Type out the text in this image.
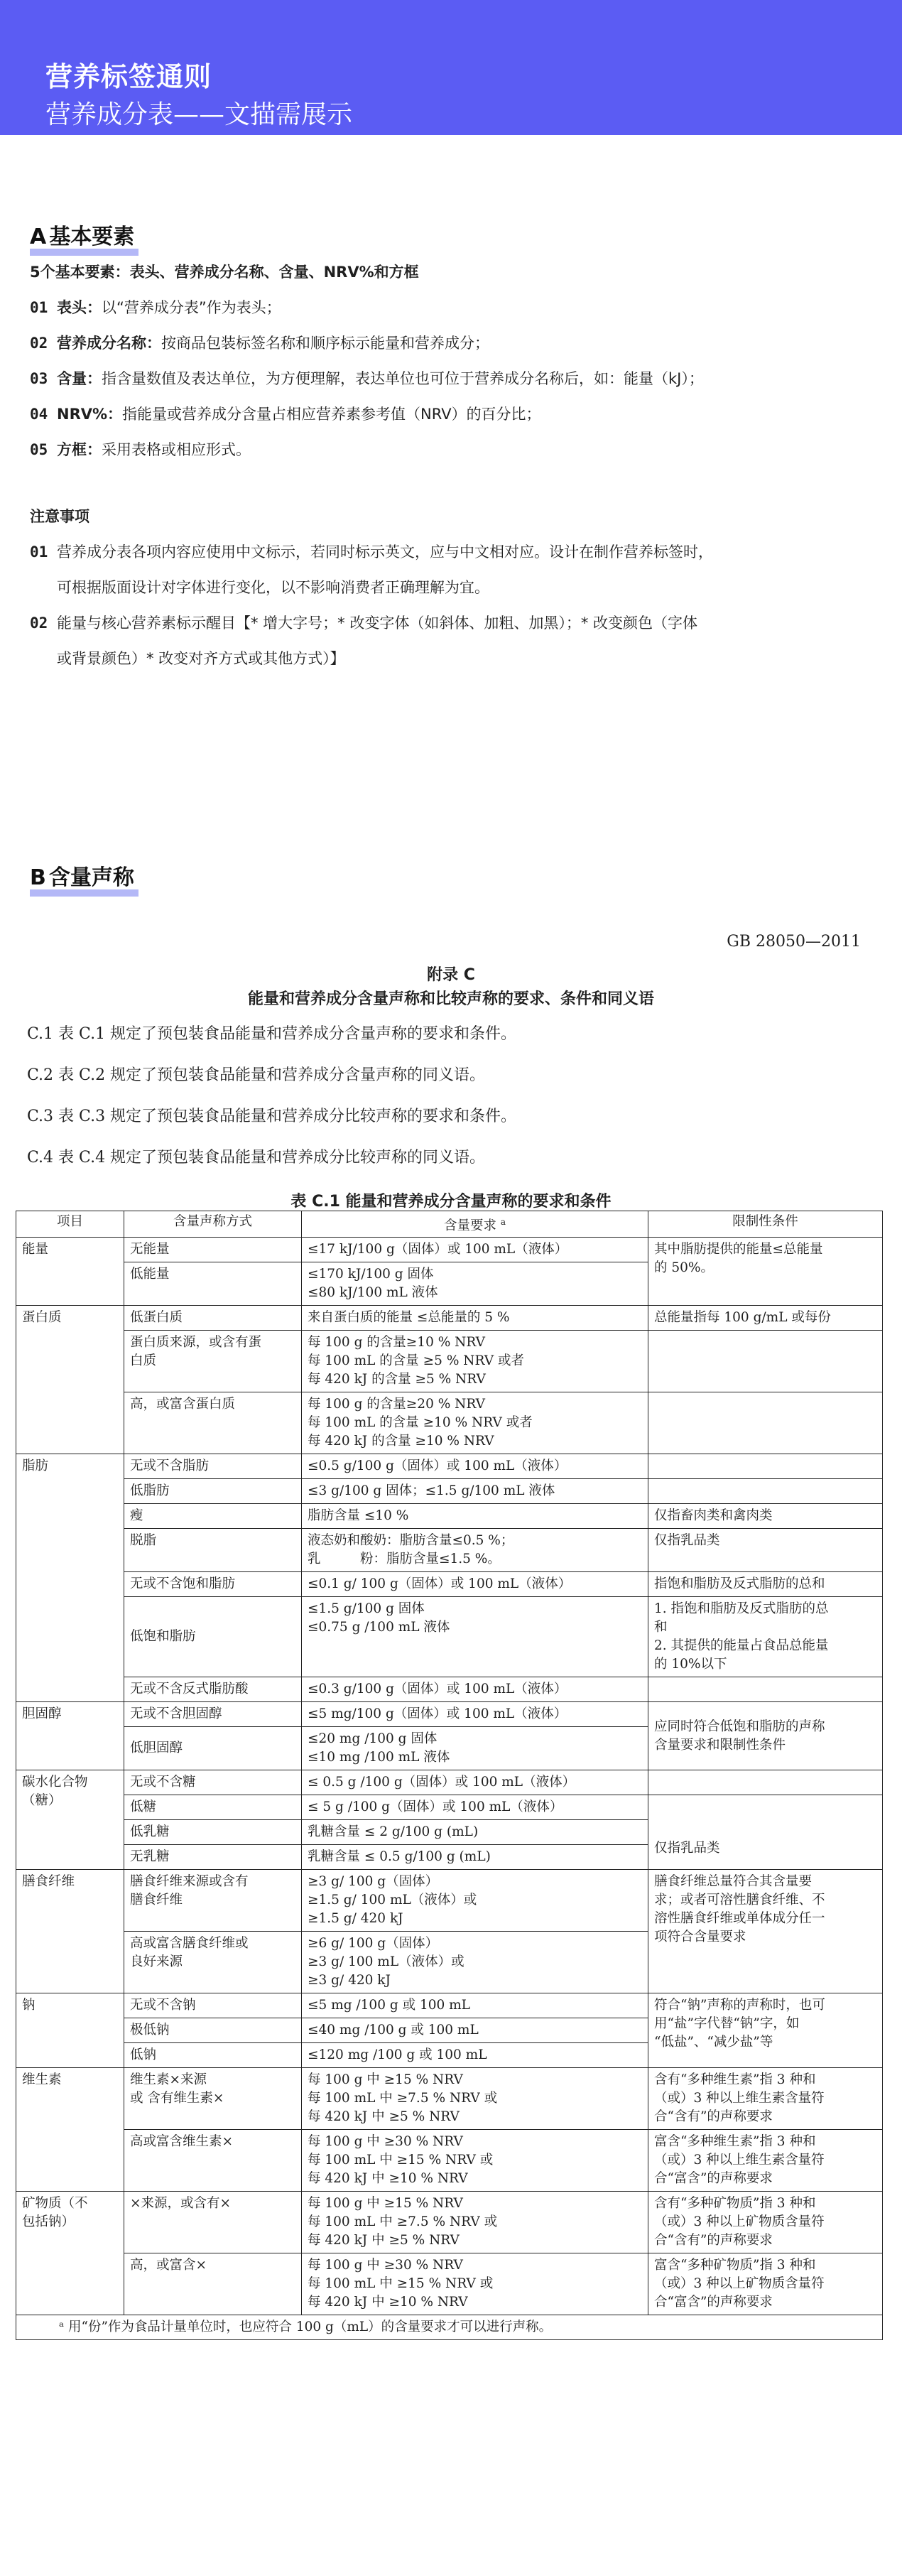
营养标签通则
营养成分表——文描需展示
A 基本要素
5个基本要素：表头、营养成分名称、含量、NRV%和方框
01 表头：以“营养成分表”作为表头；
02 营养成分名称：按商品包装标签名称和顺序标示能量和营养成分；
03 含量：指含量数值及表达单位，为方便理解，表达单位也可位于营养成分名称后，如：能量（kJ）；
04 NRV%：指能量或营养成分含量占相应营养素参考值（NRV）的百分比；
05 方框：采用表格或相应形式。
注意事项
01 营养成分表各项内容应使用中文标示，若同时标示英文，应与中文相对应。设计在制作营养标签时，
可根据版面设计对字体进行变化，以不影响消费者正确理解为宜。
02 能量与核心营养素标示醒目【* 增大字号；* 改变字体（如斜体、加粗、加黑）；* 改变颜色（字体
或背景颜色）* 改变对齐方式或其他方式）】
B 含量声称
GB 28050—2011
附录 C
能量和营养成分含量声称和比较声称的要求、条件和同义语
C.1 表 C.1 规定了预包装食品能量和营养成分含量声称的要求和条件。
C.2 表 C.2 规定了预包装食品能量和营养成分含量声称的同义语。
C.3 表 C.3 规定了预包装食品能量和营养成分比较声称的要求和条件。
C.4 表 C.4 规定了预包装食品能量和营养成分比较声称的同义语。
表 C.1 能量和营养成分含量声称的要求和条件
项目	含量声称方式	含量要求 $^a$	限制性条件
能量	无能量	≤17 kJ/100 g（固体）或 100 mL（液体）	其中脂肪提供的能量≤总能量
的 50%。

	低能量	≤170 kJ/100 g 固体
≤80 kJ/100 mL 液体	

蛋白质	低蛋白质	来自蛋白质的能量 ≤总能量的 5 %	总能量指每 100 g/mL 或每份

	蛋白质来源，或含有蛋
白质	每 100 g 的含量≥10 % NRV
每 100 mL 的含量 ≥5 % NRV 或者
每 420 kJ 的含量 ≥5 % NRV	

	高，或富含蛋白质	每 100 g 的含量≥20 % NRV
每 100 mL 的含量 ≥10 % NRV 或者
每 420 kJ 的含量 ≥10 % NRV	

脂肪	无或不含脂肪	≤0.5 g/100 g（固体）或 100 mL（液体）	

	低脂肪	≤3 g/100 g 固体；≤1.5 g/100 mL 液体	

	瘦	脂肪含量 ≤10 %	仅指畜肉类和禽肉类

	脱脂	液态奶和酸奶：脂肪含量≤0.5 %；
乳　　　粉：脂肪含量≤1.5 %。	仅指乳品类

	无或不含饱和脂肪	≤0.1 g/ 100 g（固体）或 100 mL（液体）	指饱和脂肪及反式脂肪的总和

	低饱和脂肪	≤1.5 g/100 g 固体
≤0.75 g /100 mL 液体	1. 指饱和脂肪及反式脂肪的总
和
2. 其提供的能量占食品总能量
的 10%以下

	无或不含反式脂肪酸	≤0.3 g/100 g（固体）或 100 mL（液体）	

胆固醇	无或不含胆固醇	≤5 mg/100 g（固体）或 100 mL（液体）	应同时符合低饱和脂肪的声称
含量要求和限制性条件

	低胆固醇	≤20 mg /100 g 固体
≤10 mg /100 mL 液体	

碳水化合物
（糖）	无或不含糖	≤ 0.5 g /100 g（固体）或 100 mL（液体）	

	低糖	≤ 5 g /100 g（固体）或 100 mL（液体）	仅指乳品类

	低乳糖	乳糖含量 ≤ 2 g/100 g (mL)	

	无乳糖	乳糖含量 ≤ 0.5 g/100 g (mL)	

膳食纤维	膳食纤维来源或含有
膳食纤维	≥3 g/ 100 g（固体）
≥1.5 g/ 100 mL（液体）或
≥1.5 g/ 420 kJ	膳食纤维总量符合其含量要
求；或者可溶性膳食纤维、不
溶性膳食纤维或单体成分任一
项符合含量要求

	高或富含膳食纤维或
良好来源	≥6 g/ 100 g（固体）
≥3 g/ 100 mL（液体）或
≥3 g/ 420 kJ	

钠	无或不含钠	≤5 mg /100 g 或 100 mL	符合“钠”声称的声称时，也可
用“盐”字代替“钠”字，如
“低盐”、“减少盐”等

	极低钠	≤40 mg /100 g 或 100 mL	

	低钠	≤120 mg /100 g 或 100 mL	

维生素	维生素×来源
或 含有维生素×	每 100 g 中 ≥15 % NRV
每 100 mL 中 ≥7.5 % NRV 或
每 420 kJ 中 ≥5 % NRV	含有“多种维生素”指 3 种和
（或）3 种以上维生素含量符
合“含有”的声称要求

	高或富含维生素×	每 100 g 中 ≥30 % NRV
每 100 mL 中 ≥15 % NRV 或
每 420 kJ 中 ≥10 % NRV	富含“多种维生素”指 3 种和
（或）3 种以上维生素含量符
合“富含”的声称要求

矿物质（不
包括钠）	×来源，或含有×	每 100 g 中 ≥15 % NRV
每 100 mL 中 ≥7.5 % NRV 或
每 420 kJ 中 ≥5 % NRV	含有“多种矿物质”指 3 种和
（或）3 种以上矿物质含量符
合“含有”的声称要求

	高，或富含×	每 100 g 中 ≥30 % NRV
每 100 mL 中 ≥15 % NRV 或
每 420 kJ 中 ≥10 % NRV	富含“多种矿物质”指 3 种和
（或）3 种以上矿物质含量符
合“富含”的声称要求

ᵃ 用“份”作为食品计量单位时，也应符合 100 g（mL）的含量要求才可以进行声称。			
